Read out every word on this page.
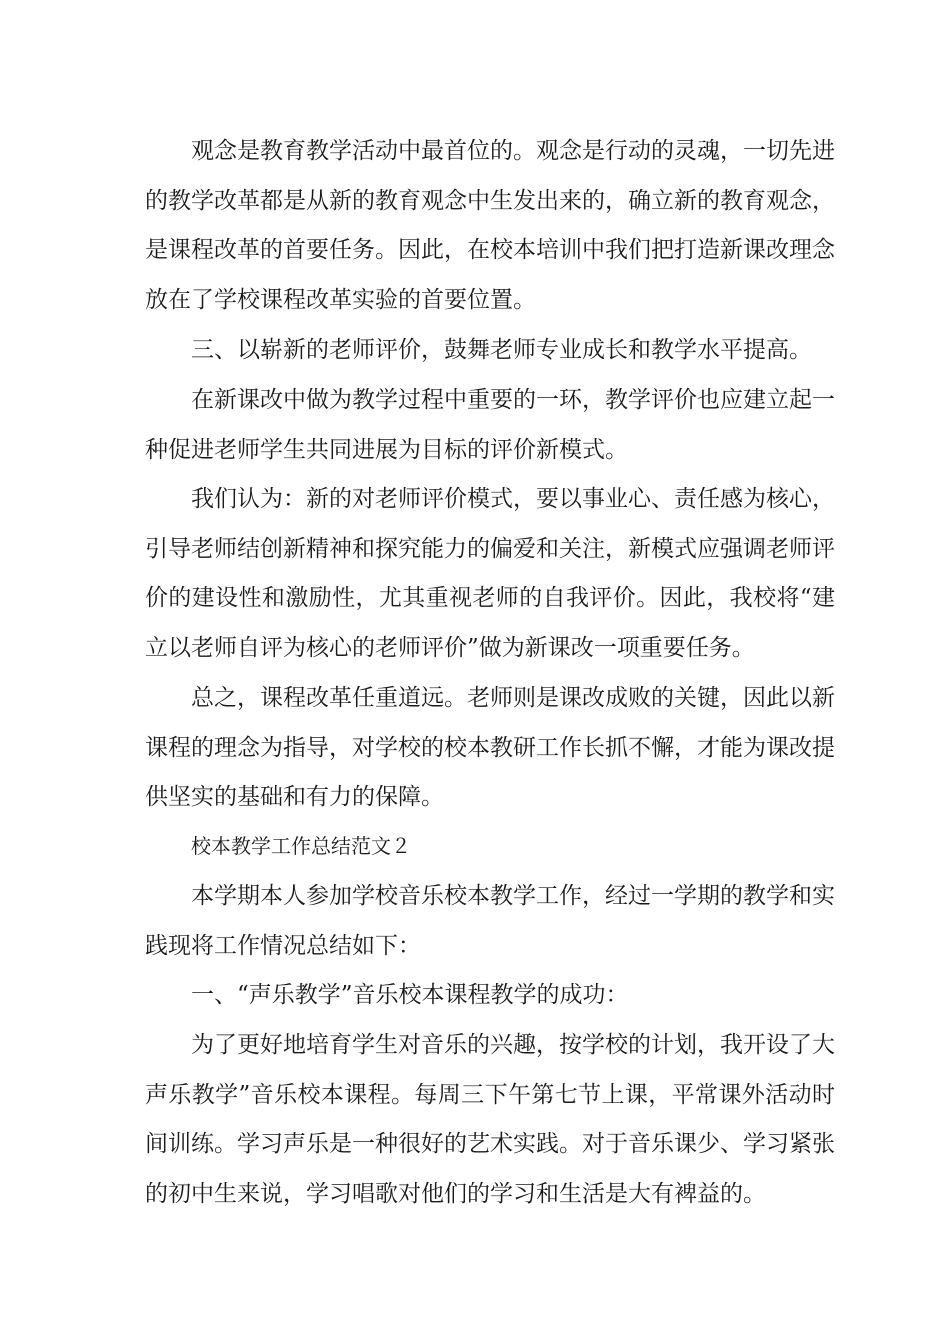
观念是教育教学活动中最首位的。观念是行动的灵魂，一切先进的教学改革都是从新的教育观念中生发出来的，确立新的教育观念，是课程改革的首要任务。因此，在校本培训中我们把打造新课改理念放在了学校课程改革实验的首要位置。

三、以崭新的老师评价，鼓舞老师专业成长和教学水平提高。

在新课改中做为教学过程中重要的一环，教学评价也应建立起一种促进老师学生共同进展为目标的评价新模式。

我们认为：新的对老师评价模式，要以事业心、责任感为核心，引导老师结创新精神和探究能力的偏爱和关注，新模式应强调老师评价的建设性和激励性，尤其重视老师的自我评价。因此，我校将“建立以老师自评为核心的老师评价”做为新课改一项重要任务。

总之，课程改革任重道远。老师则是课改成败的关键，因此以新课程的理念为指导，对学校的校本教研工作长抓不懈，才能为课改提供坚实的基础和有力的保障。

校本教学工作总结范文２

本学期本人参加学校音乐校本教学工作，经过一学期的教学和实践现将工作情况总结如下：

一、“声乐教学”音乐校本课程教学的成功：

为了更好地培育学生对音乐的兴趣，按学校的计划，我开设了大声乐教学”音乐校本课程。每周三下午第七节上课，平常课外活动时间训练。学习声乐是一种很好的艺术实践。对于音乐课少、学习紧张的初中生来说，学习唱歌对他们的学习和生活是大有裨益的。
